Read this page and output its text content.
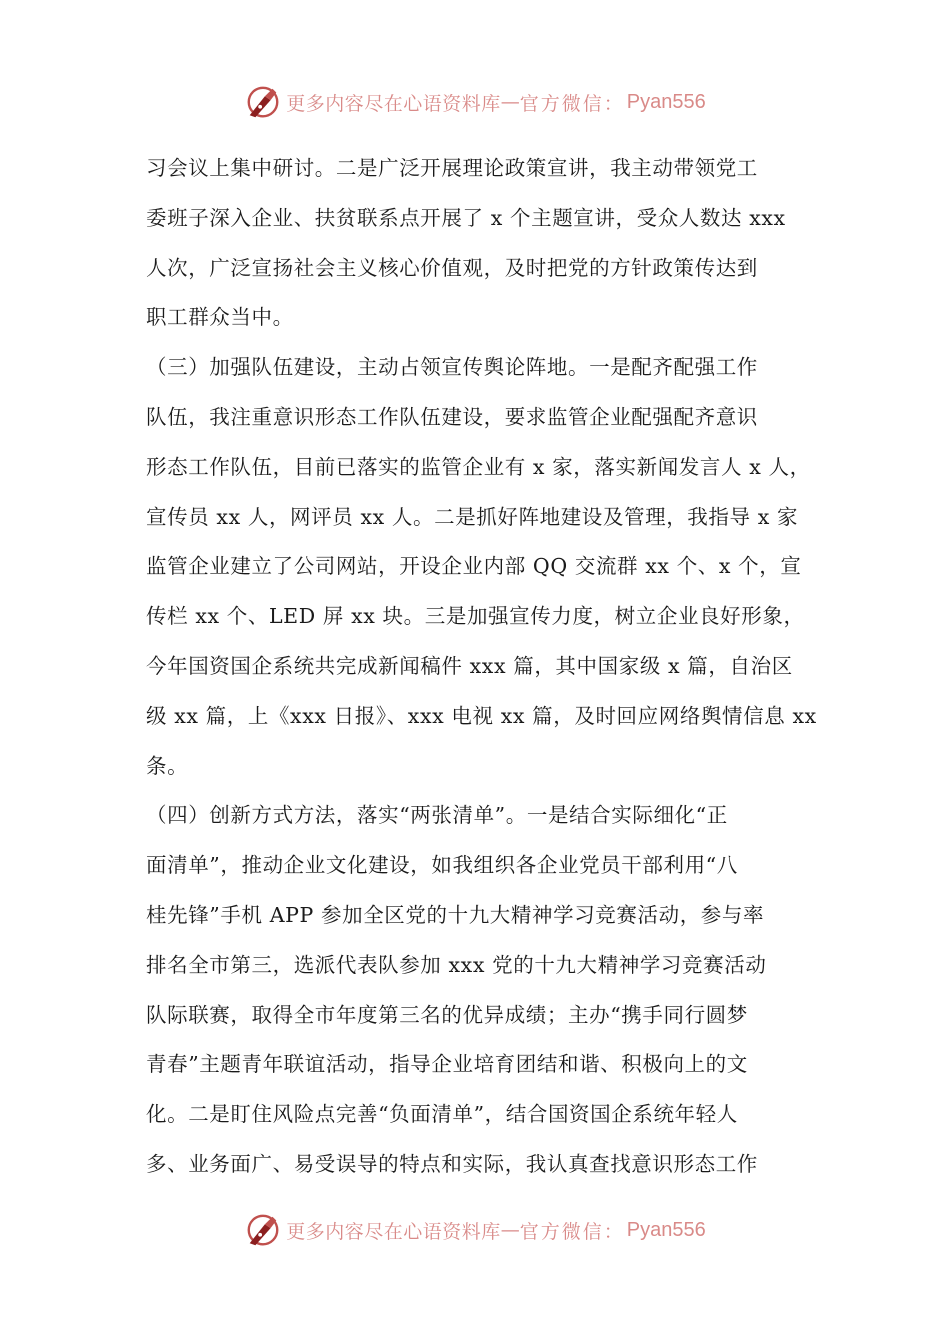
更多内容尽在心语资料库 — 官方微信： Pyan556
习会议上集中研讨。二是广泛开展理论政策宣讲，我主动带领党工
委班子深入企业、扶贫联系点开展了 x 个主题宣讲，受众人数达 xxx
人次，广泛宣扬社会主义核心价值观，及时把党的方针政策传达到
职工群众当中。
（三）加强队伍建设，主动占领宣传舆论阵地。一是配齐配强工作
队伍，我注重意识形态工作队伍建设，要求监管企业配强配齐意识
形态工作队伍，目前已落实的监管企业有 x 家，落实新闻发言人 x 人，
宣传员 xx 人，网评员 xx 人。二是抓好阵地建设及管理，我指导 x 家
监管企业建立了公司网站，开设企业内部 QQ 交流群 xx 个、x 个，宣
传栏 xx 个、LED 屏 xx 块。三是加强宣传力度，树立企业良好形象，
今年国资国企系统共完成新闻稿件 xxx 篇，其中国家级 x 篇，自治区
级 xx 篇，上《xxx 日报》、xxx 电视 xx 篇，及时回应网络舆情信息 xx
条。
（四）创新方式方法，落实“两张清单”。一是结合实际细化“正
面清单”，推动企业文化建设，如我组织各企业党员干部利用“八
桂先锋”手机 APP 参加全区党的十九大精神学习竞赛活动，参与率
排名全市第三，选派代表队参加 xxx 党的十九大精神学习竞赛活动
队际联赛，取得全市年度第三名的优异成绩；主办“携手同行圆梦
青春”主题青年联谊活动，指导企业培育团结和谐、积极向上的文
化。二是盯住风险点完善“负面清单”，结合国资国企系统年轻人
多、业务面广、易受误导的特点和实际，我认真查找意识形态工作
更多内容尽在心语资料库 — 官方微信： Pyan556
